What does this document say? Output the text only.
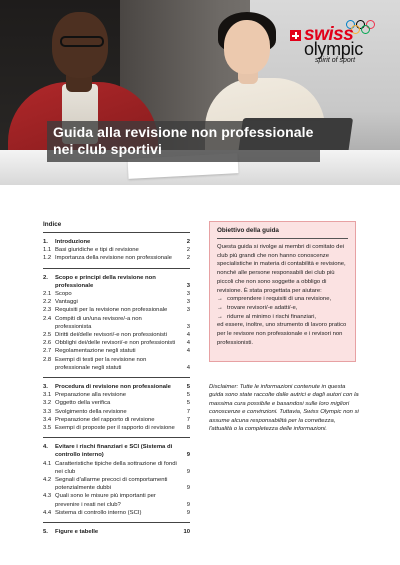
Guida alla revisione non professionale
nei club sportivi
swiss
olympic
spirit of sport
Indice
1.	Introduzione	2
1.1 Basi giuridiche e tipi di revisione	2
1.2 Importanza della revisione non professionale	2
2.	Scopo e principi della revisione non professionale	3
2.1 Scopo	3
2.2 Vantaggi	3
2.3 Requisiti per la revisione non professionale	3
2.4 Compiti di un/una revisore/-a non professionista	3
2.5 Diritti dei/delle revisori/-e non professionisti	4
2.6 Obblighi dei/delle revisori/-e non professionisti	4
2.7 Regolamentazione negli statuti	4
2.8 Esempi di testi per la revisione non professionale negli statuti	4
3.	Procedura di revisione non professionale	5
3.1 Preparazione alla revisione	5
3.2 Oggetto della verifica	5
3.3 Svolgimento della revisione	7
3.4 Preparazione del rapporto di revisione	7
3.5 Esempi di proposte per il rapporto di revisione	8
4.	Evitare i rischi finanziari e SCI (Sistema di controllo interno)	9
4.1 Caratteristiche tipiche della sottrazione di fondi nei club	9
4.2 Segnali d'allarme precoci di comportamenti potenzialmente dubbi	9
4.3 Quali sono le misure più importanti per prevenire i reati nei club?	9
4.4 Sistema di controllo interno (SCI)	9
5.	Figure e tabelle	10
Obiettivo della guida
Questa guida si rivolge ai membri di comitato dei club più grandi che non hanno conoscenze specialistiche in materia di contabilità e revisione, nonché alle persone responsabili dei club più piccoli che non sono soggette a obbligo di revisione. È stata progettata per aiutare:
→ comprendere i requisiti di una revisione,
→ trovare revisori/-e adatti/-e,
→ ridurre al minimo i rischi finanziari,
ed essere, inoltre, uno strumento di lavoro pratico per le revisore non professionale e i revisori non professionisti.
Disclaimer: Tutte le informazioni contenute in questa guida sono state raccolte dalle autrici e dagli autori con la massima cura possibile e basandosi sulle loro migliori conoscenze e convinzioni. Tuttavia, Swiss Olympic non si assume alcuna responsabilità per la correttezza, l'attualità o la completezza delle informazioni.
